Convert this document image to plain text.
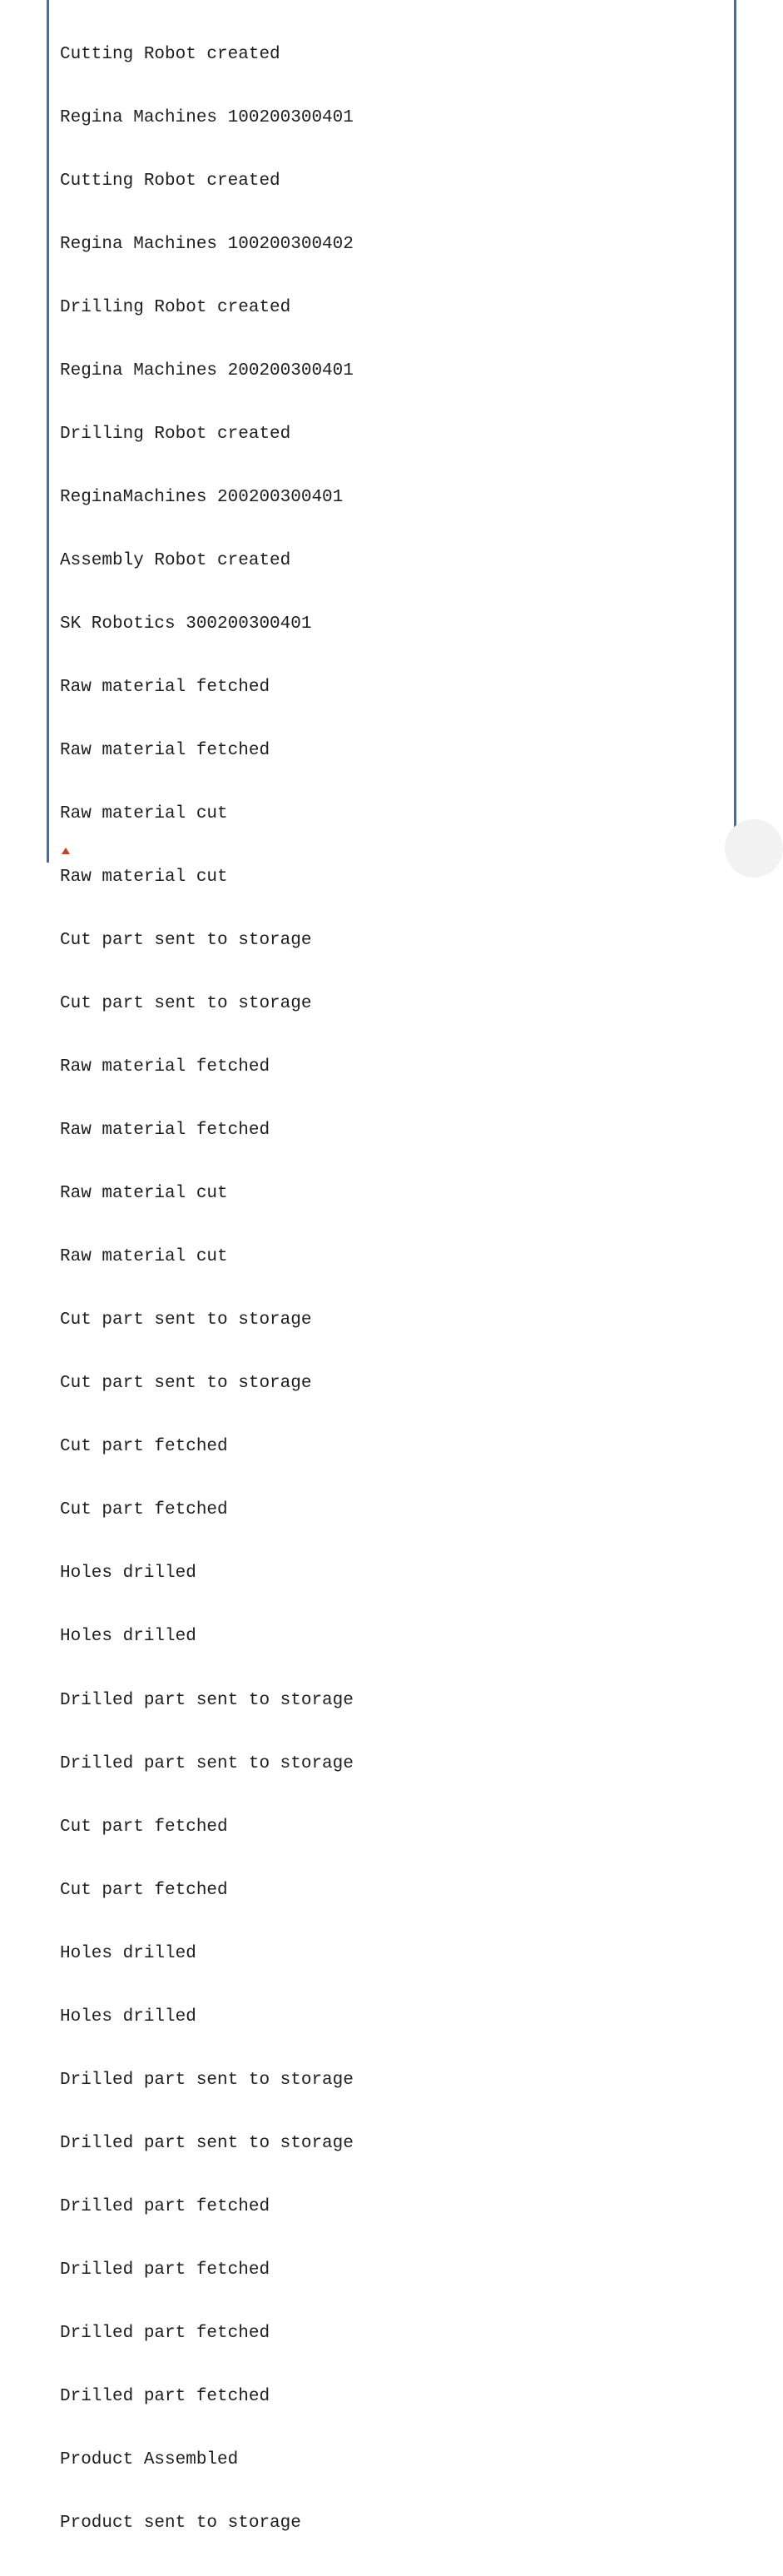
Cutting Robot created

Regina Machines 100200300401

Cutting Robot created

Regina Machines 100200300402

Drilling Robot created

Regina Machines 200200300401

Drilling Robot created

ReginaMachines 200200300401

Assembly Robot created

SK Robotics 300200300401

Raw material fetched

Raw material fetched

Raw material cut

Raw material cut

Cut part sent to storage

Cut part sent to storage

Raw material fetched

Raw material fetched

Raw material cut

Raw material cut

Cut part sent to storage

Cut part sent to storage

Cut part fetched

Cut part fetched

Holes drilled

Holes drilled

Drilled part sent to storage

Drilled part sent to storage

Cut part fetched

Cut part fetched

Holes drilled

Holes drilled

Drilled part sent to storage

Drilled part sent to storage

Drilled part fetched

Drilled part fetched

Drilled part fetched

Drilled part fetched

Product Assembled

Product sent to storage
